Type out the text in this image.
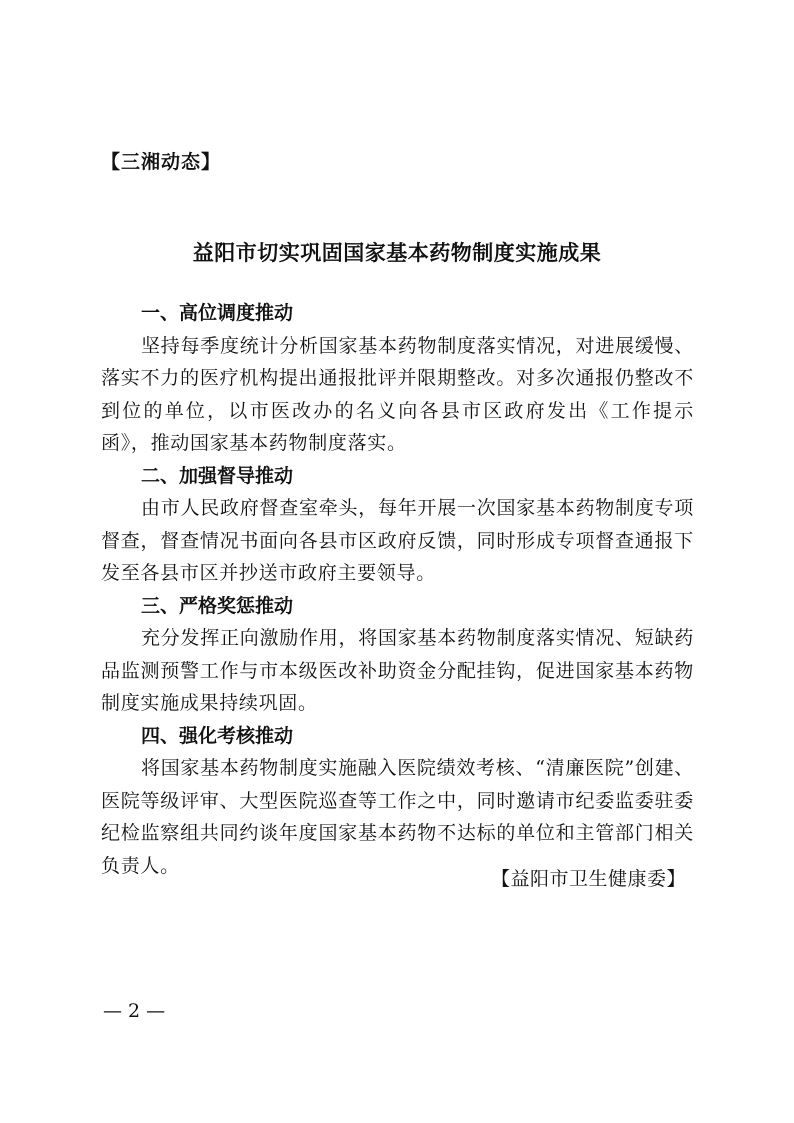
【三湘动态】
益阳市切实巩固国家基本药物制度实施成果
一、高位调度推动

坚持每季度统计分析国家基本药物制度落实情况，对进展缓慢、落实不力的医疗机构提出通报批评并限期整改。对多次通报仍整改不到位的单位，以市医改办的名义向各县市区政府发出《工作提示函》，推动国家基本药物制度落实。

二、加强督导推动

由市人民政府督查室牵头，每年开展一次国家基本药物制度专项督查，督查情况书面向各县市区政府反馈，同时形成专项督查通报下发至各县市区并抄送市政府主要领导。

三、严格奖惩推动

充分发挥正向激励作用，将国家基本药物制度落实情况、短缺药品监测预警工作与市本级医改补助资金分配挂钩，促进国家基本药物制度实施成果持续巩固。

四、强化考核推动

将国家基本药物制度实施融入医院绩效考核、“清廉医院”创建、医院等级评审、大型医院巡查等工作之中，同时邀请市纪委监委驻委纪检监察组共同约谈年度国家基本药物不达标的单位和主管部门相关负责人。

【益阳市卫生健康委】
— 2 —
